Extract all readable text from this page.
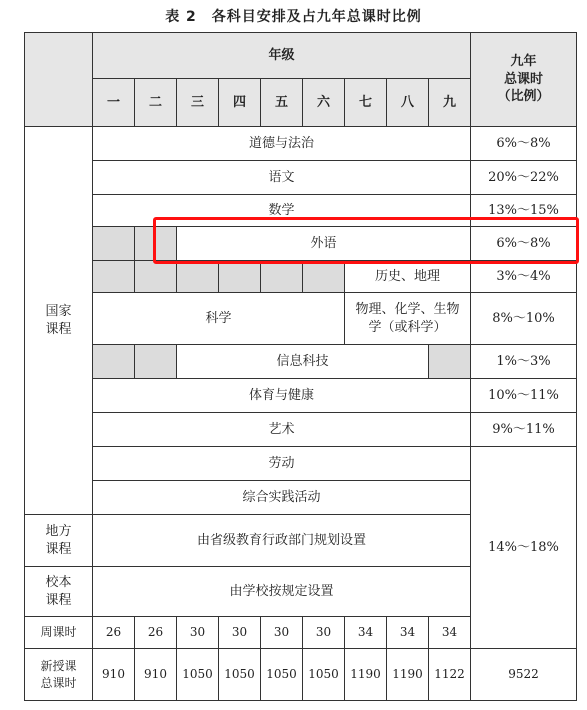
表 2　各科目安排及占九年总课时比例
	年级									九年
总课时
（比例）

	一	二	三	四	五	六	七	八	九	

国家
课程	道德与法治									6%～8%
	语文									20%～22%
	数学									13%～15%
			外语							6%～8%
							历史、地理			3%～4%
	科学						物理、化学、生物
学（或科学）			8%～10%
			信息科技							1%～3%
	体育与健康									10%～11%
	艺术									9%～11%
	劳动									14%～18%
	综合实践活动									

地方
课程	由省级教育行政部门规划设置									

校本
课程	由学校按规定设置									
周课时	26	26	30	30	30	30	34	34	34	

新授课
总课时	910	910	1050	1050	1050	1050	1190	1190	1122	9522
